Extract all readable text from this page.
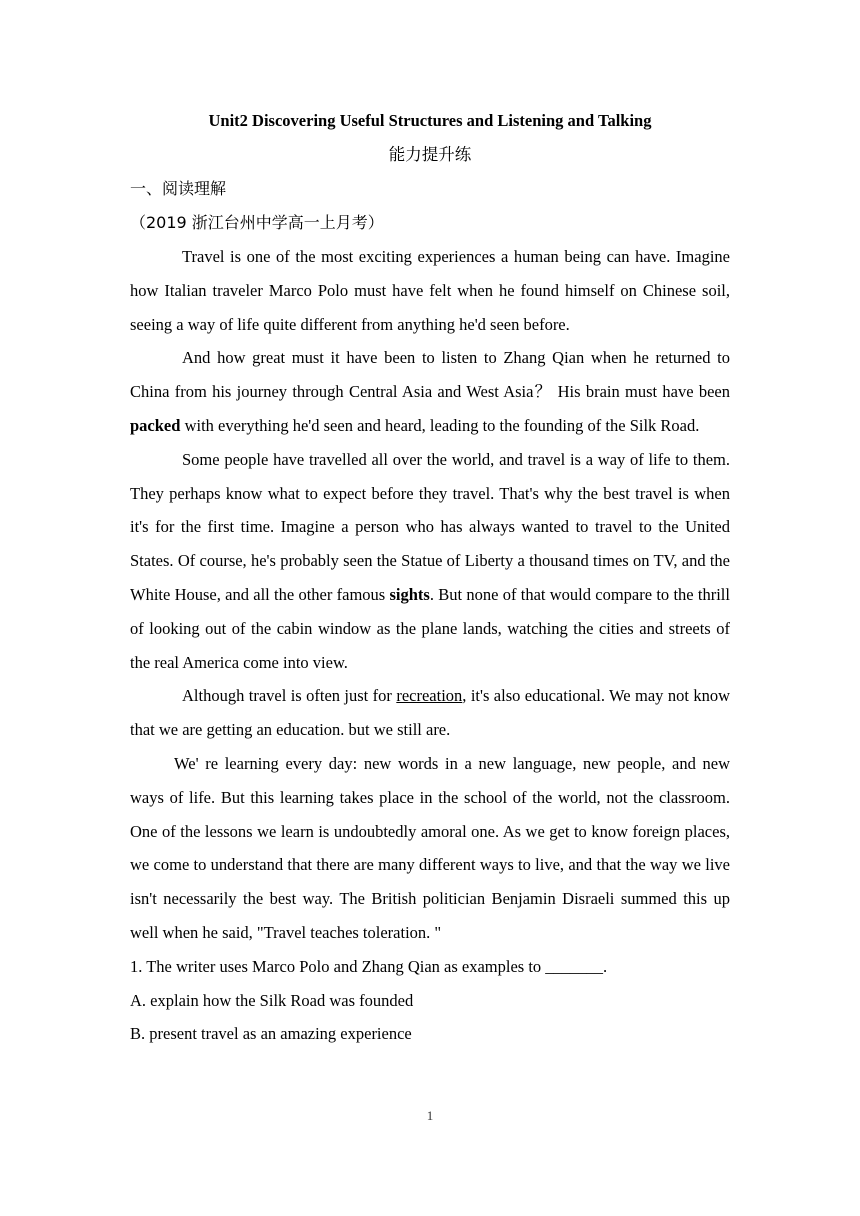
Unit2 Discovering Useful Structures and Listening and Talking

能力提升练

一、阅读理解

（2019 浙江台州中学高一上月考）

Travel is one of the most exciting experiences a human being can have. Imagine how Italian traveler Marco Polo must have felt when he found himself on Chinese soil, seeing a way of life quite different from anything he'd seen before.

And how great must it have been to listen to Zhang Qian when he returned to China from his journey through Central Asia and West Asia？ His brain must have been packed with everything he'd seen and heard, leading to the founding of the Silk Road.

Some people have travelled all over the world, and travel is a way of life to them. They perhaps know what to expect before they travel. That's why the best travel is when it's for the first time. Imagine a person who has always wanted to travel to the United States. Of course, he's probably seen the Statue of Liberty a thousand times on TV, and the White House, and all the other famous sights. But none of that would compare to the thrill of looking out of the cabin window as the plane lands, watching the cities and streets of the real America come into view.

Although travel is often just for recreation, it's also educational. We may not know that we are getting an education. but we still are.

We' re learning every day: new words in a new language, new people, and new ways of life. But this learning takes place in the school of the world, not the classroom. One of the lessons we learn is undoubtedly amoral one. As we get to know foreign places, we come to understand that there are many different ways to live, and that the way we live isn't necessarily the best way. The British politician Benjamin Disraeli summed this up well when he said, "Travel teaches toleration. "

1. The writer uses Marco Polo and Zhang Qian as examples to _______.

A. explain how the Silk Road was founded

B. present travel as an amazing experience

1
